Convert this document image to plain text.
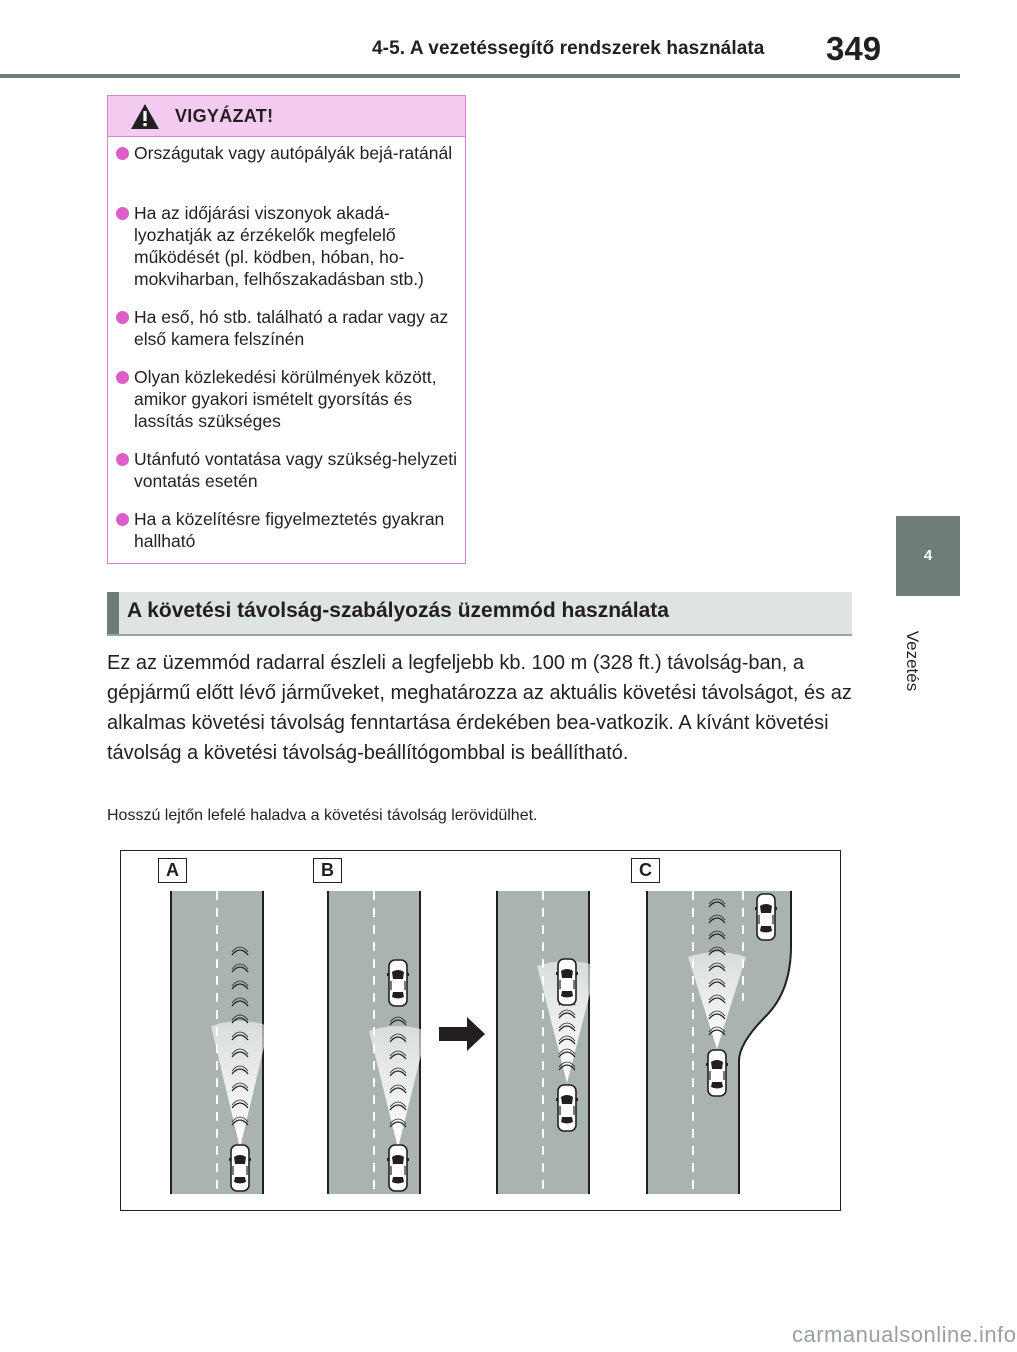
4-5. A vezetéssegítő rendszerek használata 349
4
Vezetés
VIGYÁZAT!
Országutak vagy autópályák bejá-ratánál
Ha az időjárási viszonyok akadá-lyozhatják az érzékelők megfelelő működését (pl. ködben, hóban, ho-mokviharban, felhőszakadásban stb.)
Ha eső, hó stb. található a radar vagy az első kamera felszínén
Olyan közlekedési körülmények között, amikor gyakori ismételt gyorsítás és lassítás szükséges
Utánfutó vontatása vagy szükség-helyzeti vontatás esetén
Ha a közelítésre figyelmeztetés gyakran hallható
A követési távolság-szabályozás üzemmód használata

Ez az üzemmód radarral észleli a legfeljebb kb. 100 m (328 ft.) távolság-ban, a gépjármű előtt lévő járműveket, meghatározza az aktuális követési távolságot, és az alkalmas követési távolság fenntartása érdekében bea-vatkozik. A kívánt követési távolság a követési távolság-beállítógombbal is beállítható.

Hosszú lejtőn lefelé haladva a követési távolság lerövidülhet.

A	B	C
carmanualsonline.info
